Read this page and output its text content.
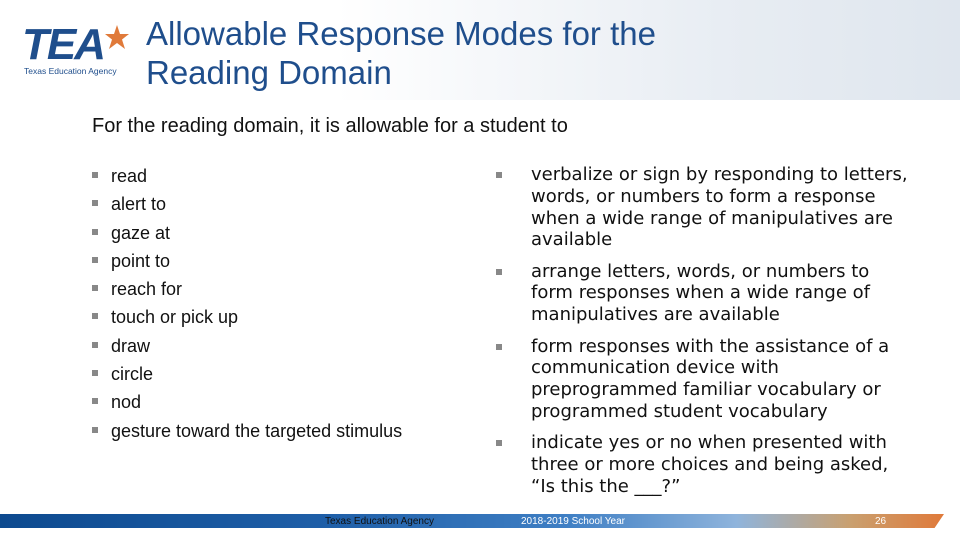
TEA
Texas Education Agency
Allowable Response Modes for the
Reading Domain
For the reading domain, it is allowable for a student to
read
alert to
gaze at
point to
reach for
touch or pick up
draw
circle
nod
gesture toward the targeted stimulus
verbalize or sign by responding to letters, words, or numbers to form a response when a wide range of manipulatives are available
arrange letters, words, or numbers to form responses when a wide range of manipulatives are available
form responses with the assistance of a communication device with preprogrammed familiar vocabulary or programmed student vocabulary
indicate yes or no when presented with three or more choices and being asked, “Is this the ___?”
Texas Education Agency	2018-2019 School Year	26
